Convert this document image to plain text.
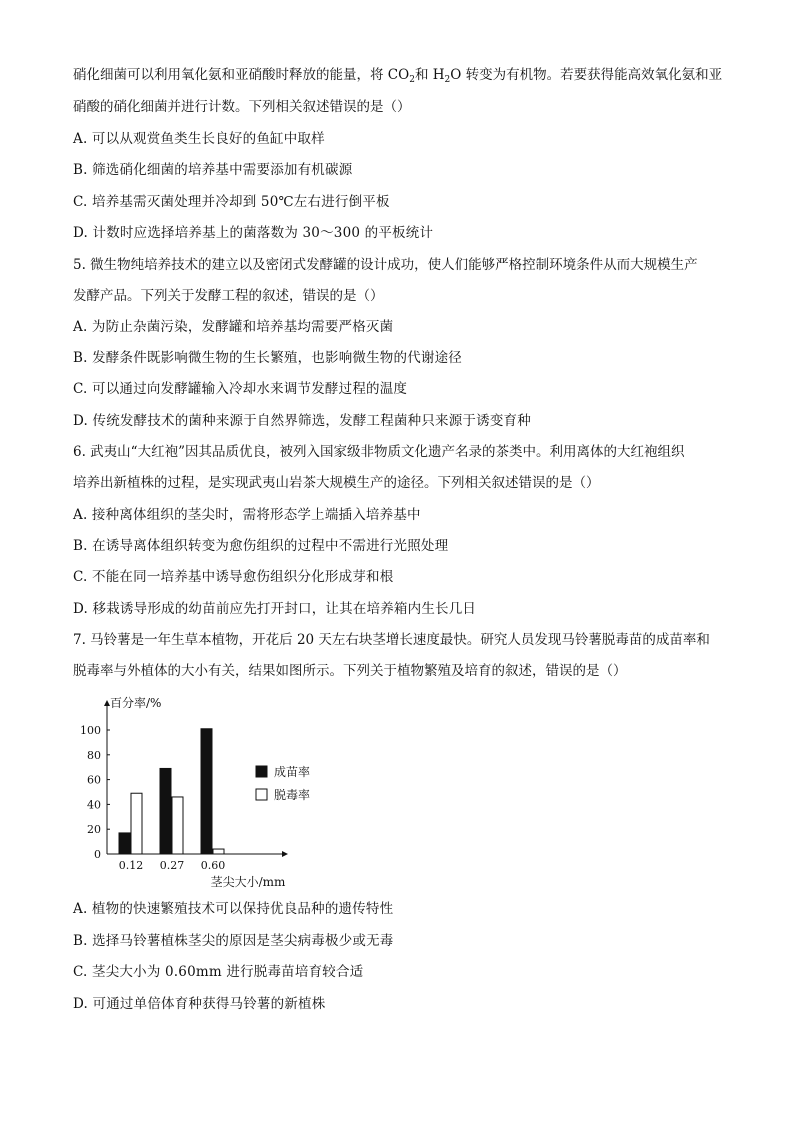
硝化细菌可以利用氧化氨和亚硝酸时释放的能量，将 $CO_2$和 $H_2O$ 转变为有机物。若要获得能高效氧化氨和亚
硝酸的硝化细菌并进行计数。下列相关叙述错误的是（）
A. 可以从观赏鱼类生长良好的鱼缸中取样
B. 筛选硝化细菌的培养基中需要添加有机碳源
C. 培养基需灭菌处理并冷却到 50℃左右进行倒平板
D. 计数时应选择培养基上的菌落数为 30～300 的平板统计
5. 微生物纯培养技术的建立以及密闭式发酵罐的设计成功，使人们能够严格控制环境条件从而大规模生产
发酵产品。下列关于发酵工程的叙述，错误的是（）
A. 为防止杂菌污染，发酵罐和培养基均需要严格灭菌
B. 发酵条件既影响微生物的生长繁殖，也影响微生物的代谢途径
C. 可以通过向发酵罐输入冷却水来调节发酵过程的温度
D. 传统发酵技术的菌种来源于自然界筛选，发酵工程菌种只来源于诱变育种
6. 武夷山“大红袍”因其品质优良，被列入国家级非物质文化遗产名录的茶类中。利用离体的大红袍组织
培养出新植株的过程，是实现武夷山岩茶大规模生产的途径。下列相关叙述错误的是（）
A. 接种离体组织的茎尖时，需将形态学上端插入培养基中
B. 在诱导离体组织转变为愈伤组织的过程中不需进行光照处理
C. 不能在同一培养基中诱导愈伤组织分化形成芽和根
D. 移栽诱导形成的幼苗前应先打开封口，让其在培养箱内生长几日
7. 马铃薯是一年生草本植物，开花后 20 天左右块茎增长速度最快。研究人员发现马铃薯脱毒苗的成苗率和
脱毒率与外植体的大小有关，结果如图所示。下列关于植物繁殖及培育的叙述，错误的是（）
百分率/%
0
20
40
60
80
100
0.12 0.27 0.60
茎尖大小/mm
成苗率
脱毒率
A. 植物的快速繁殖技术可以保持优良品种的遗传特性
B. 选择马铃薯植株茎尖的原因是茎尖病毒极少或无毒
C. 茎尖大小为 0.60mm 进行脱毒苗培育较合适
D. 可通过单倍体育种获得马铃薯的新植株
